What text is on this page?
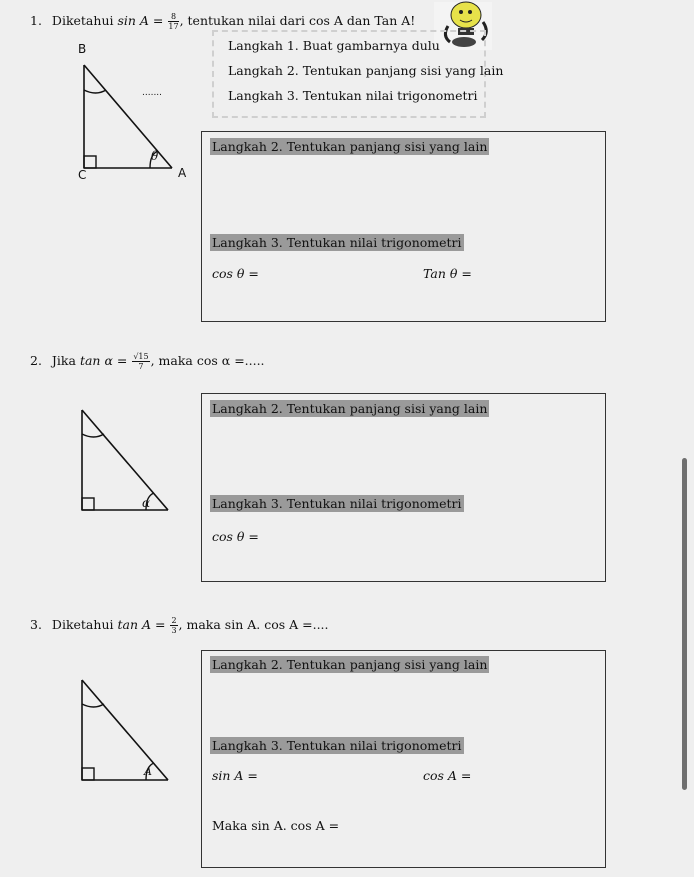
1. Diketahui $\sin A = \frac{8}{17}$ , tentukan nilai dari cos A dan Tan A!
Langkah 1. Buat gambarnya dulu
Langkah 2. Tentukan panjang sisi yang lain
Langkah 3. Tentukan nilai trigonometri
B
C	A
θ
.......
Langkah 2. Tentukan panjang sisi yang lain
Langkah 3. Tentukan nilai trigonometri
cos θ =	Tan θ =
2. Jika $\tan \alpha = \frac{√15}{7}$ , maka cos α =.....
α
Langkah 2. Tentukan panjang sisi yang lain
Langkah 3. Tentukan nilai trigonometri
cos θ =
3. Diketahui $\tan A = \frac{2}{3}$ , maka sin A. cos A =....
A
Langkah 2. Tentukan panjang sisi yang lain
Langkah 3. Tentukan nilai trigonometri
sin A =	cos A =
Maka sin A. cos A =
